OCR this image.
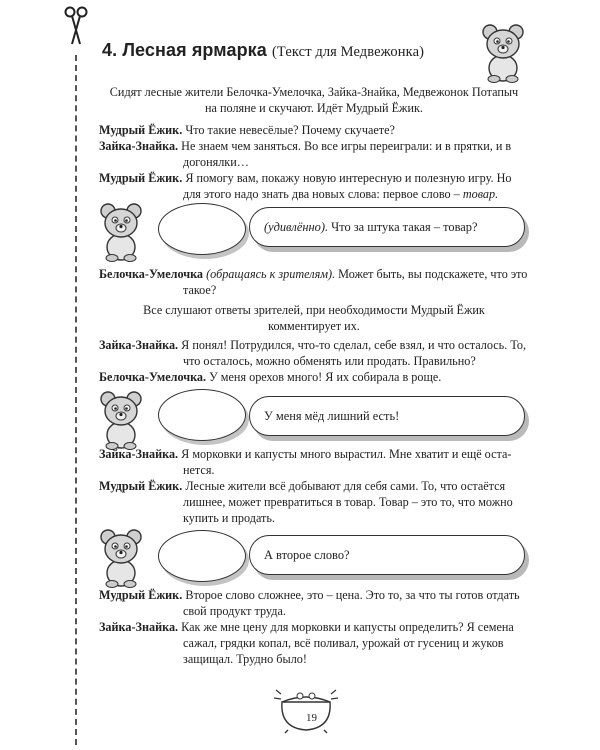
4. Лесная ярмарка (Текст для Медвежонка)
Сидят лесные жители Белочка-Умелочка, Зайка-Знайка, Медвежонок Потапыч
на поляне и скучают. Идёт Мудрый Ёжик.
Мудрый Ёжик. Что такие невесёлые? Почему скучаете?
Зайка-Знайка. Не знаем чем заняться. Во все игры переиграли: и в прятки, и в догонялки…
Мудрый Ёжик. Я помогу вам, покажу новую интересную и полезную игру. Но для этого надо знать два новых слова: первое слово – товар.
(удивлённо). Что за штука такая – товар?
Белочка-Умелочка (обращаясь к зрителям). Может быть, вы подскажете, что это такое?
Все слушают ответы зрителей, при необходимости Мудрый Ёжик
комментирует их.
Зайка-Знайка. Я понял! Потрудился, что-то сделал, себе взял, и что осталось. То, что осталось, можно обменять или продать. Правильно?
Белочка-Умелочка. У меня орехов много! Я их собирала в роще.
У меня мёд лишний есть!
Зайка-Знайка. Я морковки и капусты много вырастил. Мне хватит и ещё оста-нется.
Мудрый Ёжик. Лесные жители всё добывают для себя сами. То, что остаётся лишнее, может превратиться в товар. Товар – это то, что можно купить и продать.
А второе слово?
Мудрый Ёжик. Второе слово сложнее, это – цена. Это то, за что ты готов отдать свой продукт труда.
Зайка-Знайка. Как же мне цену для морковки и капусты определить? Я семена сажал, грядки копал, всё поливал, урожай от гусениц и жуков защищал. Трудно было!
19
